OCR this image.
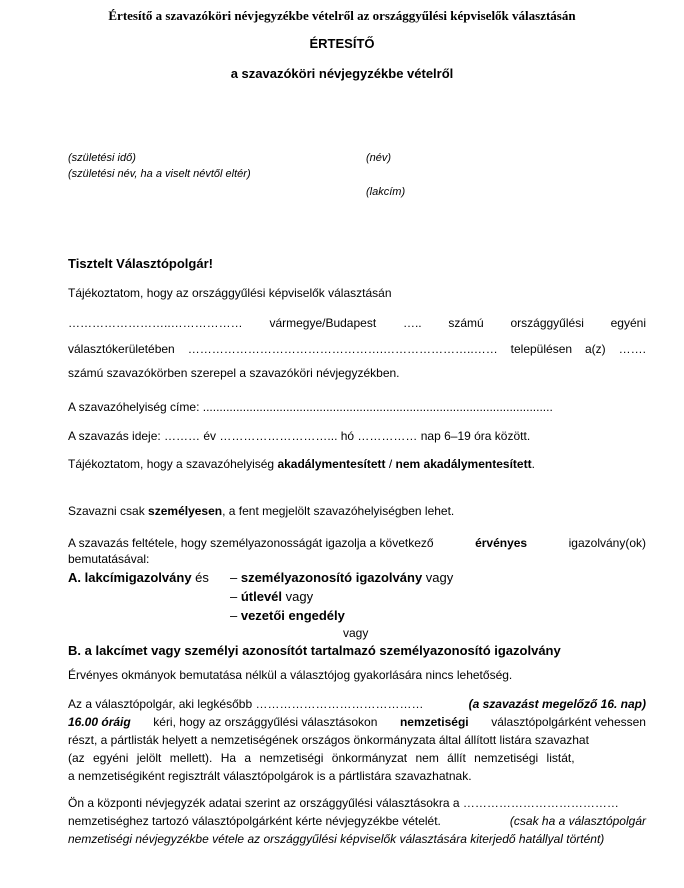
Értesítő a szavazóköri névjegyzékbe vételről az országgyűlési képviselők választásán
ÉRTESÍTŐ
a szavazóköri névjegyzékbe vételről
(születési idő)
(születési név, ha a viselt névtől eltér)
(név)
(lakcím)
Tisztelt Választópolgár!
Tájékoztatom, hogy az országgyűlési képviselők választásán
……………………..……………… vármegye/Budapest ….. számú országgyűlési egyéni
választókerületében ………………………………………….…………………..…… településen a(z) …….
számú szavazókörben szerepel a szavazóköri névjegyzékben.
A szavazóhelyiség címe: .........................................................................................................
A szavazás ideje: ……… év ………………………... hó …………… nap 6–19 óra között.
Tájékoztatom, hogy a szavazóhelyiség akadálymentesített / nem akadálymentesített.
Szavazni csak személyesen, a fent megjelölt szavazóhelyiségben lehet.
A szavazás feltétele, hogy személyazonosságát igazolja a következő	érvényes	igazolvány(ok)
bemutatásával:
A. lakcímigazolvány és – személyazonosító igazolvány vagy
– útlevél vagy
– vezetői engedély
vagy
B. a lakcímet vagy személyi azonosítót tartalmazó személyazonosító igazolvány
Érvényes okmányok bemutatása nélkül a választójog gyakorlására nincs lehetőség.
Az a választópolgár, aki legkésőbb ……………………………………	(a szavazást megelőző 16. nap)
16.00 óráig kéri, hogy az országgyűlési választásokon nemzetiségi választópolgárként vehessen
részt, a pártlisták helyett a nemzetiségének országos önkormányzata által állított listára szavazhat
(az egyéni jelölt mellett). Ha a nemzetiségi önkormányzat nem állít nemzetiségi listát,
a nemzetiségiként regisztrált választópolgárok is a pártlistára szavazhatnak.
Ön a központi névjegyzék adatai szerint az országgyűlési választásokra a …………………………………
nemzetiséghez tartozó választópolgárként kérte névjegyzékbe vételét.	(csak ha a választópolgár
nemzetiségi névjegyzékbe vétele az országgyűlési képviselők választására kiterjedő hatállyal történt)
